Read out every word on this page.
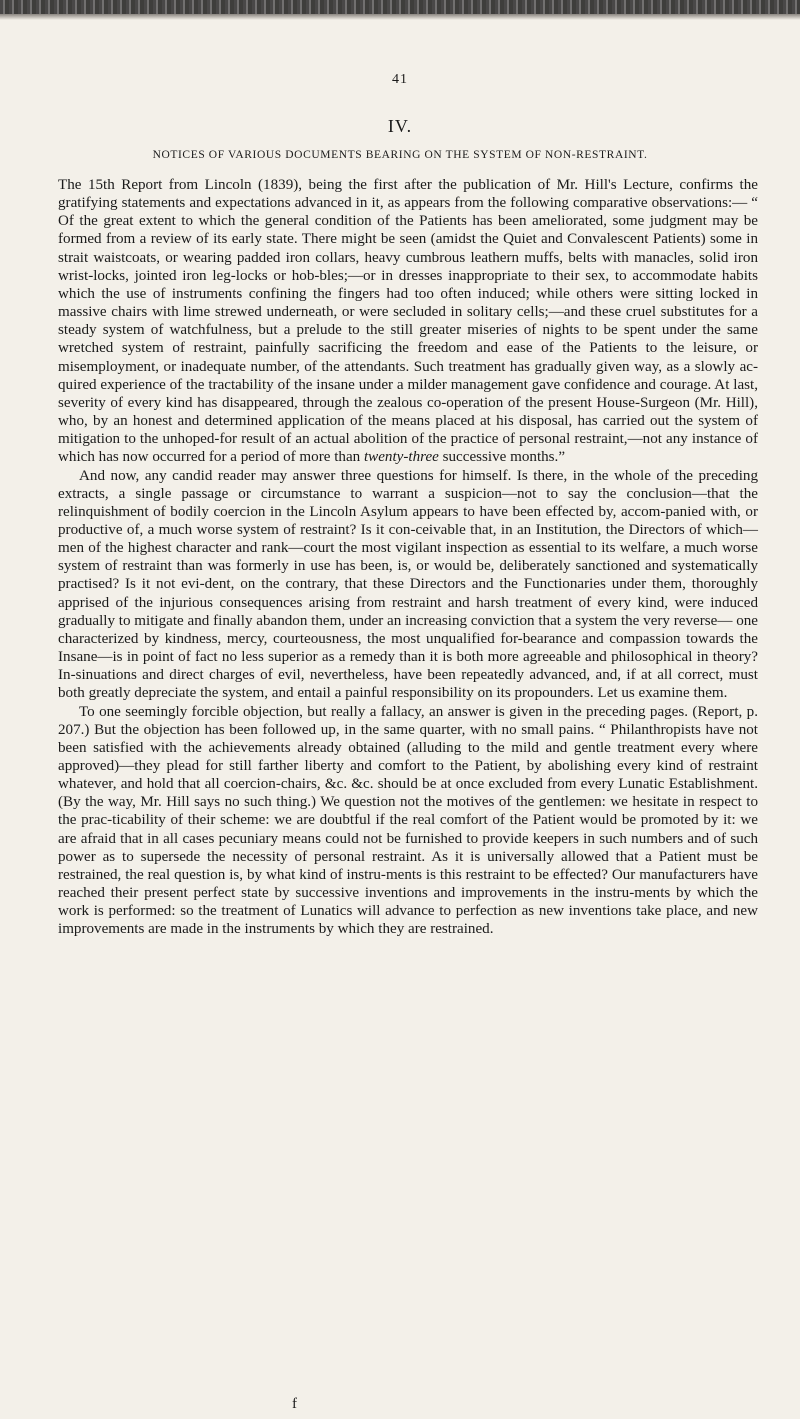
41
IV.
NOTICES OF VARIOUS DOCUMENTS BEARING ON THE SYSTEM OF NON-RESTRAINT.

The 15th Report from Lincoln (1839), being the first after the publication of Mr. Hill's Lecture, confirms the gratifying statements and expectations advanced in it, as appears from the following comparative observations:— “ Of the great extent to which the general condition of the Patients has been ameliorated, some judgment may be formed from a review of its early state. There might be seen (amidst the Quiet and Convalescent Patients) some in strait waistcoats, or wearing padded iron collars, heavy cumbrous leathern muffs, belts with manacles, solid iron wrist-locks, jointed iron leg-locks or hob-bles;—or in dresses inappropriate to their sex, to accommodate habits which the use of instruments confining the fingers had too often induced; while others were sitting locked in massive chairs with lime strewed underneath, or were secluded in solitary cells;—and these cruel substitutes for a steady system of watchfulness, but a prelude to the still greater miseries of nights to be spent under the same wretched system of restraint, painfully sacrificing the freedom and ease of the Patients to the leisure, or misemployment, or inadequate number, of the attendants. Such treatment has gradually given way, as a slowly ac-quired experience of the tractability of the insane under a milder management gave confidence and courage. At last, severity of every kind has disappeared, through the zealous co-operation of the present House-Surgeon (Mr. Hill), who, by an honest and determined application of the means placed at his disposal, has carried out the system of mitigation to the unhoped-for result of an actual abolition of the practice of personal restraint,—not any instance of which has now occurred for a period of more than twenty-three successive months.”

And now, any candid reader may answer three questions for himself. Is there, in the whole of the preceding extracts, a single passage or circumstance to warrant a suspicion—not to say the conclusion—that the relinquishment of bodily coercion in the Lincoln Asylum appears to have been effected by, accom-panied with, or productive of, a much worse system of restraint? Is it con-ceivable that, in an Institution, the Directors of which—men of the highest character and rank—court the most vigilant inspection as essential to its welfare, a much worse system of restraint than was formerly in use has been, is, or would be, deliberately sanctioned and systematically practised? Is it not evi-dent, on the contrary, that these Directors and the Functionaries under them, thoroughly apprised of the injurious consequences arising from restraint and harsh treatment of every kind, were induced gradually to mitigate and finally abandon them, under an increasing conviction that a system the very reverse— one characterized by kindness, mercy, courteousness, the most unqualified for-bearance and compassion towards the Insane—is in point of fact no less superior as a remedy than it is both more agreeable and philosophical in theory? In-sinuations and direct charges of evil, nevertheless, have been repeatedly advanced, and, if at all correct, must both greatly depreciate the system, and entail a painful responsibility on its propounders. Let us examine them.

To one seemingly forcible objection, but really a fallacy, an answer is given in the preceding pages. (Report, p. 207.) But the objection has been followed up, in the same quarter, with no small pains. “ Philanthropists have not been satisfied with the achievements already obtained (alluding to the mild and gentle treatment every where approved)—they plead for still farther liberty and comfort to the Patient, by abolishing every kind of restraint whatever, and hold that all coercion-chairs, &c. &c. should be at once excluded from every Lunatic Establishment. (By the way, Mr. Hill says no such thing.) We question not the motives of the gentlemen: we hesitate in respect to the prac-ticability of their scheme: we are doubtful if the real comfort of the Patient would be promoted by it: we are afraid that in all cases pecuniary means could not be furnished to provide keepers in such numbers and of such power as to supersede the necessity of personal restraint. As it is universally allowed that a Patient must be restrained, the real question is, by what kind of instru-ments is this restraint to be effected? Our manufacturers have reached their present perfect state by successive inventions and improvements in the instru-ments by which the work is performed: so the treatment of Lunatics will advance to perfection as new inventions take place, and new improvements are made in the instruments by which they are restrained.

f
